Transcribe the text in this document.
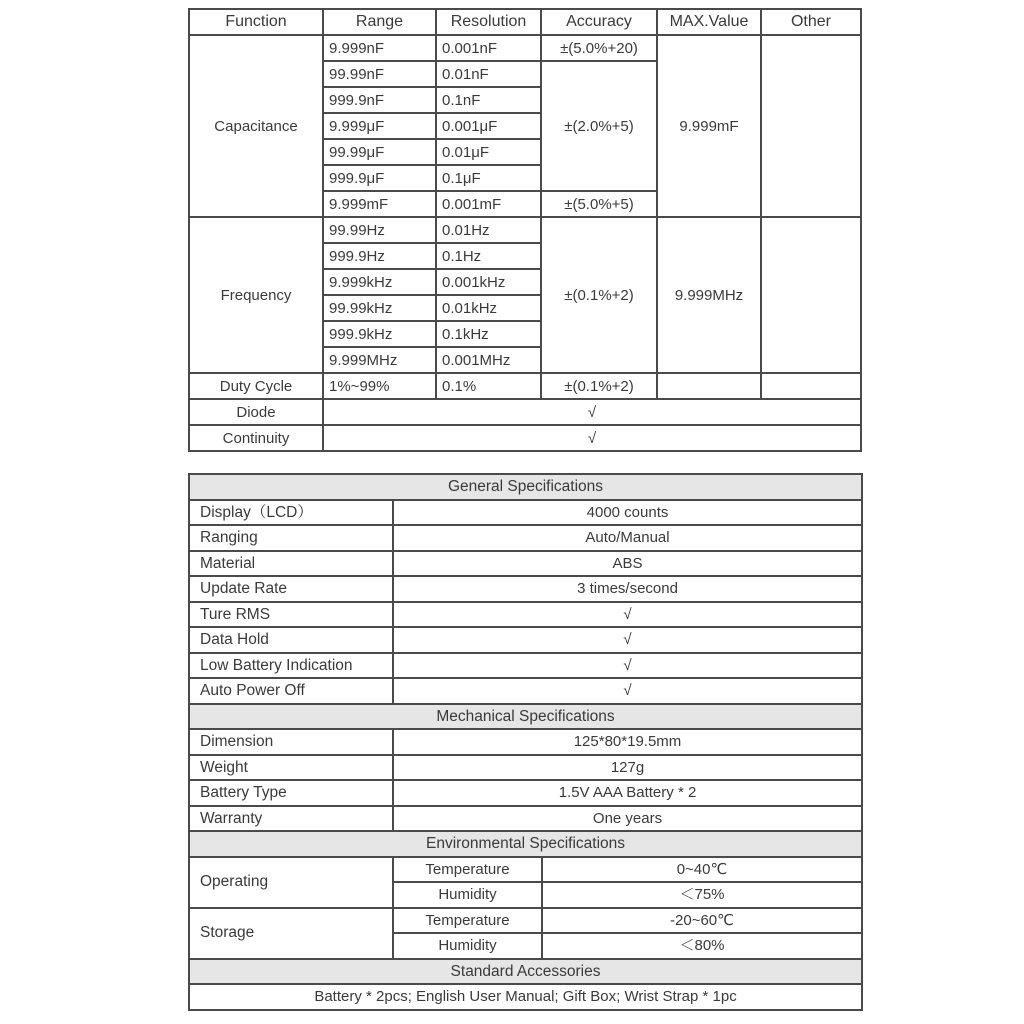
Function	Range	Resolution	Accuracy	MAX.Value	Other
Capacitance	9.999nF	0.001nF	±(5.0%+20)	9.999mF	
	99.99nF	0.01nF	±(2.0%+5)		
	999.9nF	0.1nF			
	9.999μF	0.001μF			
	99.99μF	0.01μF			
	999.9μF	0.1μF			
	9.999mF	0.001mF	±(5.0%+5)		
Frequency	99.99Hz	0.01Hz	±(0.1%+2)	9.999MHz	
	999.9Hz	0.1Hz			
	9.999kHz	0.001kHz			
	99.99kHz	0.01kHz			
	999.9kHz	0.1kHz			
	9.999MHz	0.001MHz			
Duty Cycle	1%~99%	0.1%	±(0.1%+2)		
Diode	√				
Continuity	√				
General Specifications		
Display（LCD）	4000 counts	
Ranging	Auto/Manual	
Material	ABS	
Update Rate	3 times/second	
Ture RMS	√	
Data Hold	√	
Low Battery Indication	√	
Auto Power Off	√	
Mechanical Specifications		
Dimension	125*80*19.5mm	
Weight	127g	
Battery Type	1.5V AAA Battery * 2	
Warranty	One years	
Environmental Specifications		
Operating	Temperature	0~40℃
	Humidity	＜75%
Storage	Temperature	-20~60℃
	Humidity	＜80%
Standard Accessories		
Battery * 2pcs; English User Manual; Gift Box; Wrist Strap * 1pc		
